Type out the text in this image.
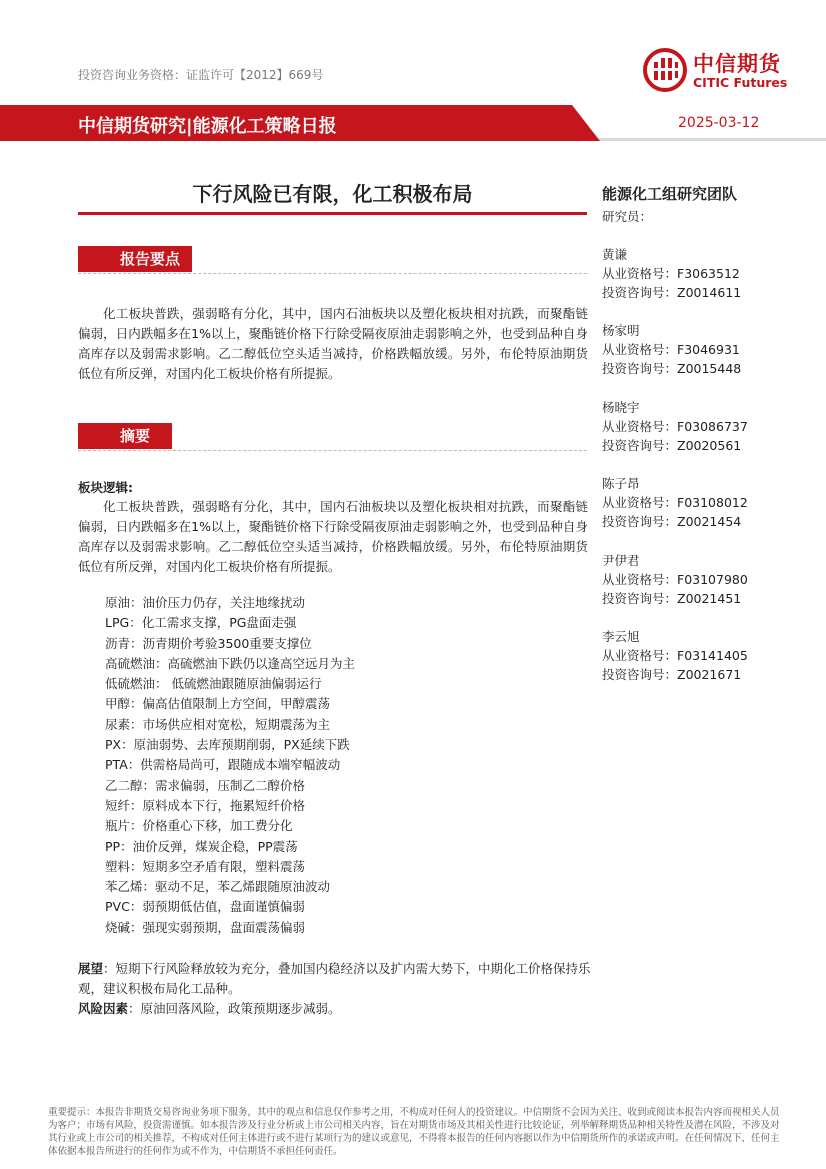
投资咨询业务资格：证监许可【2012】669号	中信期货
CITIC Futures
中信期货研究|能源化工策略日报	2025-03-12
下行风险已有限，化工积极布局
报告要点

化工板块普跌，强弱略有分化，其中，国内石油板块以及塑化板块相对抗跌，而聚酯链偏弱，日内跌幅多在1%以上，聚酯链价格下行除受隔夜原油走弱影响之外，也受到品种自身高库存以及弱需求影响。乙二醇低位空头适当减持，价格跌幅放缓。另外，布伦特原油期货低位有所反弹，对国内化工板块价格有所提振。

摘要
板块逻辑:

化工板块普跌，强弱略有分化，其中，国内石油板块以及塑化板块相对抗跌，而聚酯链偏弱，日内跌幅多在1%以上，聚酯链价格下行除受隔夜原油走弱影响之外，也受到品种自身高库存以及弱需求影响。乙二醇低位空头适当减持，价格跌幅放缓。另外，布伦特原油期货低位有所反弹，对国内化工板块价格有所提振。

原油：油价压力仍存，关注地缘扰动
LPG：化工需求支撑，PG盘面走强
沥青：沥青期价考验3500重要支撑位
高硫燃油：高硫燃油下跌仍以逢高空远月为主
低硫燃油： 低硫燃油跟随原油偏弱运行
甲醇：偏高估值限制上方空间，甲醇震荡
尿素：市场供应相对宽松，短期震荡为主
PX：原油弱势、去库预期削弱，PX延续下跌
PTA：供需格局尚可，跟随成本端窄幅波动
乙二醇：需求偏弱，压制乙二醇价格
短纤：原料成本下行，拖累短纤价格
瓶片：价格重心下移，加工费分化
PP：油价反弹，煤炭企稳，PP震荡
塑料：短期多空矛盾有限，塑料震荡
苯乙烯：驱动不足，苯乙烯跟随原油波动
PVC：弱预期低估值，盘面谨慎偏弱
烧碱：强现实弱预期，盘面震荡偏弱
展望：短期下行风险释放较为充分，叠加国内稳经济以及扩内需大势下，中期化工价格保持乐观，建议积极布局化工品种。
风险因素：原油回落风险，政策预期逐步减弱。
能源化工组研究团队
研究员：
黄谦
从业资格号：F3063512
投资咨询号：Z0014611
杨家明
从业资格号：F3046931
投资咨询号：Z0015448
杨晓宇
从业资格号：F03086737
投资咨询号：Z0020561
陈子昂
从业资格号：F03108012
投资咨询号：Z0021454
尹伊君
从业资格号：F03107980
投资咨询号：Z0021451
李云旭
从业资格号：F03141405
投资咨询号：Z0021671
重要提示：本报告非期货交易咨询业务项下服务，其中的观点和信息仅作参考之用，不构成对任何人的投资建议。中信期货不会因为关注、收到或阅读本报告内容而视相关人员为客户；市场有风险，投资需谨慎。如本报告涉及行业分析或上市公司相关内容，旨在对期货市场及其相关性进行比较论证，列举解释期货品种相关特性及潜在风险，不涉及对其行业或上市公司的相关推荐，不构成对任何主体进行或不进行某项行为的建议或意见，不得将本报告的任何内容据以作为中信期货所作的承诺或声明。在任何情况下，任何主体依据本报告所进行的任何作为或不作为，中信期货不承担任何责任。
